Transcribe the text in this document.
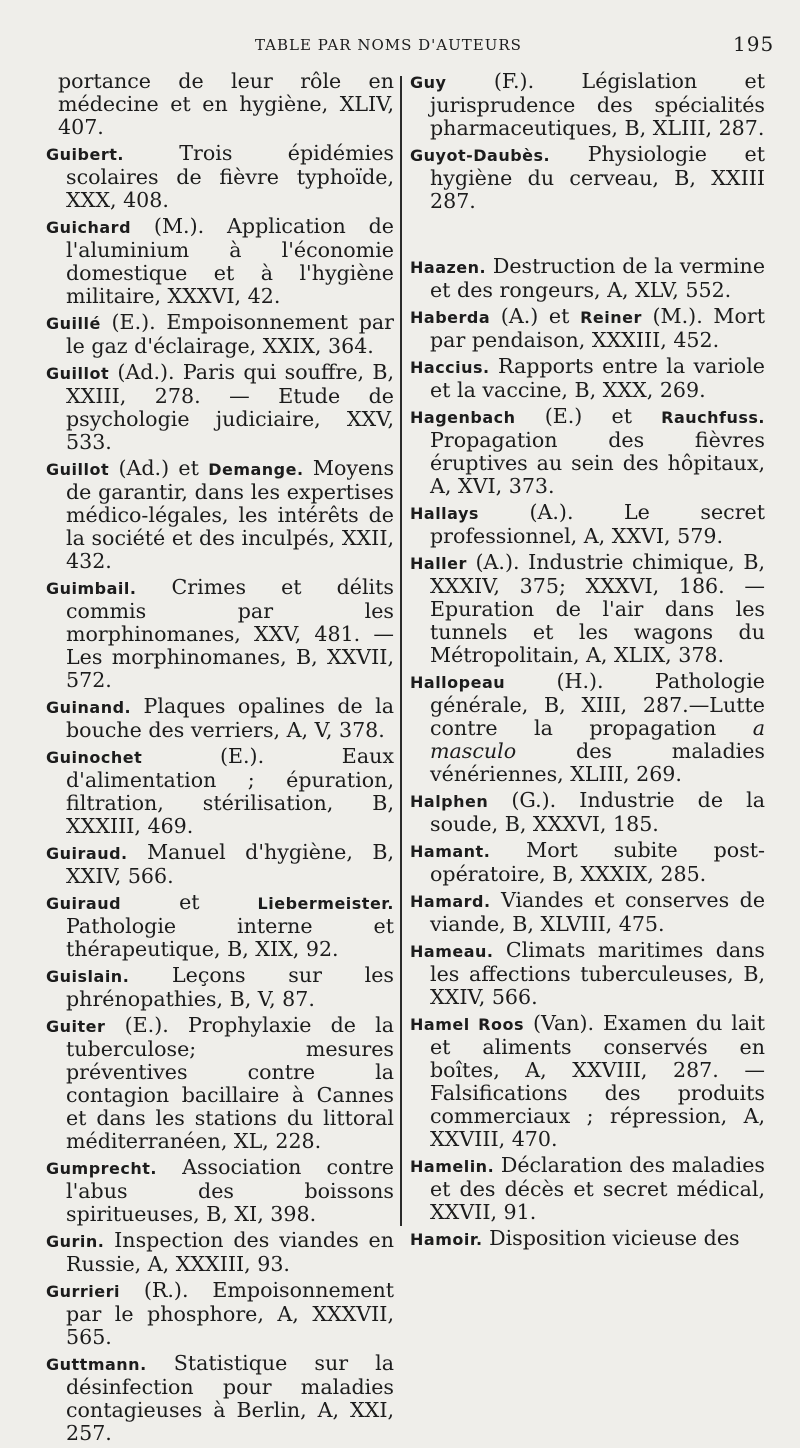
TABLE PAR NOMS D'AUTEURS	195
portance de leur rôle en médecine et en hygiène, XLIV, 407.
Guibert.	Trois épidémies scolaires de fièvre typhoïde, XXX, 408.
Guichard (M.). Application de l'aluminium à l'économie domestique et à l'hygiène militaire, XXXVI, 42.
Guillé (E.). Empoisonnement par le gaz d'éclairage, XXIX, 364.
Guillot (Ad.). Paris qui souffre, B, XXIII, 278. — Etude de psychologie judiciaire, XXV, 533.
Guillot (Ad.) et Demange. Moyens de garantir, dans les expertises médico-légales, les intérêts de la société et des inculpés, XXII, 432.
Guimbail. Crimes et délits commis par les morphinomanes, XXV, 481. — Les morphinomanes, B, XXVII, 572.
Guinand. Plaques opalines de la bouche des verriers, A, V, 378.
Guinochet	(E.). Eaux d'alimentation ; épuration, filtration, stérilisation, B, XXXIII, 469.
Guiraud. Manuel d'hygiène, B, XXIV, 566.
Guiraud	et	Liebermeister. Pathologie interne et thérapeutique, B, XIX, 92.
Guislain. Leçons sur les phrénopathies, B, V, 87.
Guiter (E.). Prophylaxie de la tuberculose; mesures préventives contre la contagion bacillaire à Cannes et dans les stations du littoral méditerranéen, XL, 228.
Gumprecht. Association contre l'abus des boissons spiritueuses, B, XI, 398.
Gurin. Inspection des viandes en Russie, A, XXXIII, 93.
Gurrieri (R.). Empoisonnement par le phosphore, A, XXXVII, 565.
Guttmann. Statistique sur la désinfection pour maladies contagieuses à Berlin, A, XXI, 257.
Guy (F.). Législation et jurisprudence des spécialités pharmaceutiques, B, XLIII, 287.
Guyot-Daubès. Physiologie et hygiène du cerveau, B, XXIII 287.
Haazen. Destruction de la vermine et des rongeurs, A, XLV, 552.
Haberda (A.) et Reiner (M.). Mort par pendaison, XXXIII, 452.
Haccius. Rapports entre la variole et la vaccine, B, XXX, 269.
Hagenbach (E.) et Rauchfuss. Propagation des fièvres éruptives au sein des hôpitaux, A, XVI, 373.
Hallays (A.). Le secret professionnel, A, XXVI, 579.
Haller (A.). Industrie chimique, B, XXXIV, 375; XXXVI, 186. — Epuration de l'air dans les tunnels et les wagons du Métropolitain, A, XLIX, 378.
Hallopeau (H.). Pathologie générale, B, XIII, 287.—Lutte contre la propagation a masculo	des maladies vénériennes, XLIII, 269.
Halphen (G.). Industrie de la soude, B, XXXVI, 185.
Hamant. Mort subite post-opératoire, B, XXXIX, 285.
Hamard. Viandes et conserves de viande, B, XLVIII, 475.
Hameau. Climats maritimes dans les affections tuberculeuses, B, XXIV, 566.
Hamel Roos (Van). Examen du lait et aliments conservés en boîtes, A, XXVIII, 287. — Falsifications des produits commerciaux ; répression, A, XXVIII, 470.
Hamelin. Déclaration des maladies et des décès et secret médical, XXVII, 91.
Hamoir. Disposition vicieuse des
